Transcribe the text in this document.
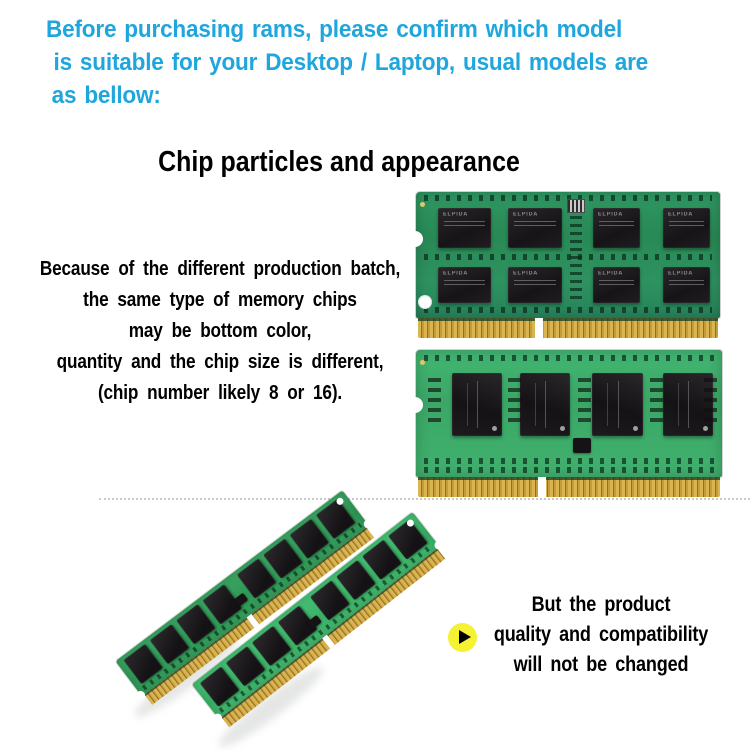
Before purchasing rams, please confirm which model
is suitable for your Desktop / Laptop, usual models are
as bellow:
Chip particles and appearance
Because of the different production batch,
the same type of memory chips
may be bottom color,
quantity and the chip size is different,
(chip number likely 8 or 16).
ELPIDA	ELPIDA	ELPIDA	ELPIDA
ELPIDA	ELPIDA	ELPIDA	ELPIDA
But the product
quality and compatibility
will not be changed
